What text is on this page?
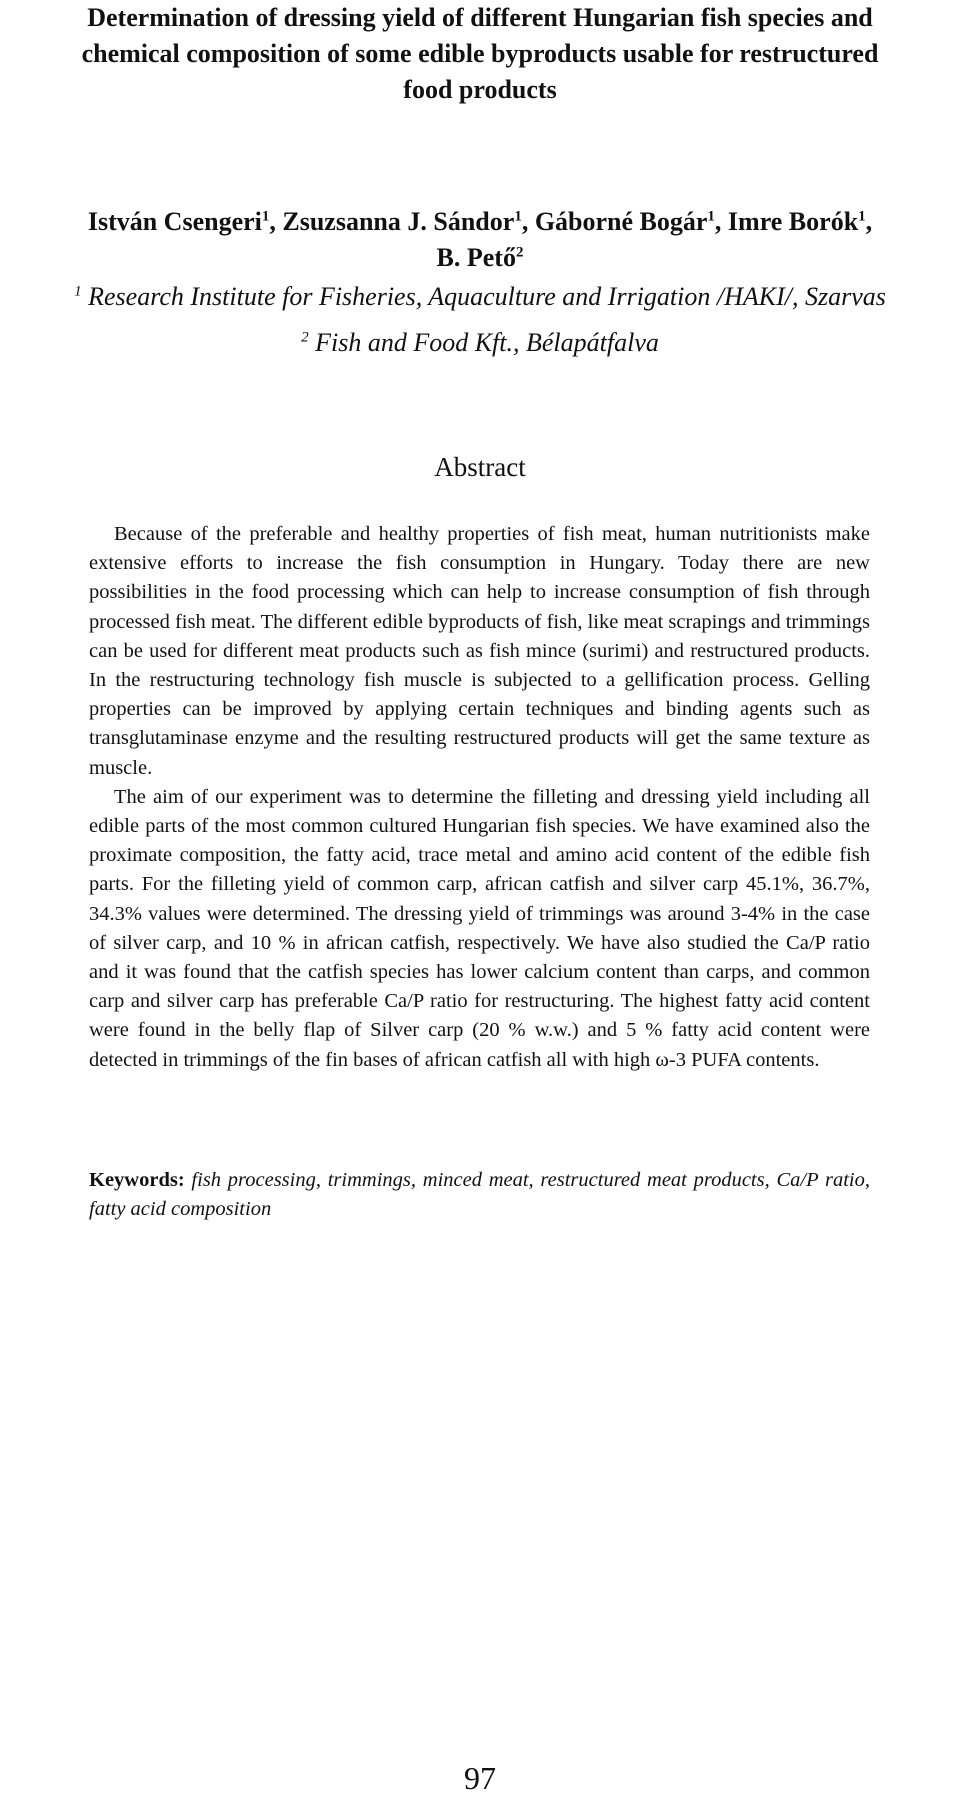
Determination of dressing yield of different Hungarian fish species and
chemical composition of some edible byproducts usable for restructured
food products

István Csengeri$^1$, Zsuzsanna J. Sándor$^1$, Gáborné Bogár$^1$, Imre Borók$^1$,
B. Pető$^2$

$^1$ Research Institute for Fisheries, Aquaculture and Irrigation /HAKI/, Szarvas

$^2$ Fish and Food Kft., Bélapátfalva

Abstract

Because of the preferable and healthy properties of fish meat, human nutritionists make extensive efforts to increase the fish consumption in Hungary. Today there are new possibilities in the food processing which can help to increase consumption of fish through processed fish meat. The different edible byproducts of fish, like meat scrapings and trimmings can be used for different meat products such as fish mince (surimi) and restructured products. In the restructuring technology fish muscle is subjected to a gellification process. Gelling properties can be improved by applying certain techniques and binding agents such as transglutaminase enzyme and the resulting restructured products will get the same texture as muscle.

The aim of our experiment was to determine the filleting and dressing yield including all edible parts of the most common cultured Hungarian fish species. We have examined also the proximate composition, the fatty acid, trace metal and amino acid content of the edible fish parts. For the filleting yield of common carp, african catfish and silver carp 45.1%, 36.7%, 34.3% values were determined. The dressing yield of trimmings was around 3-4% in the case of silver carp, and 10 % in african catfish, respectively. We have also studied the Ca/P ratio and it was found that the catfish species has lower calcium content than carps, and common carp and silver carp has preferable Ca/P ratio for restructuring. The highest fatty acid content were found in the belly flap of Silver carp (20 % w.w.) and 5 % fatty acid content were detected in trimmings of the fin bases of african catfish all with high ω-3 PUFA contents.

Keywords: fish processing, trimmings, minced meat, restructured meat products, Ca/P ratio, fatty acid composition

97
